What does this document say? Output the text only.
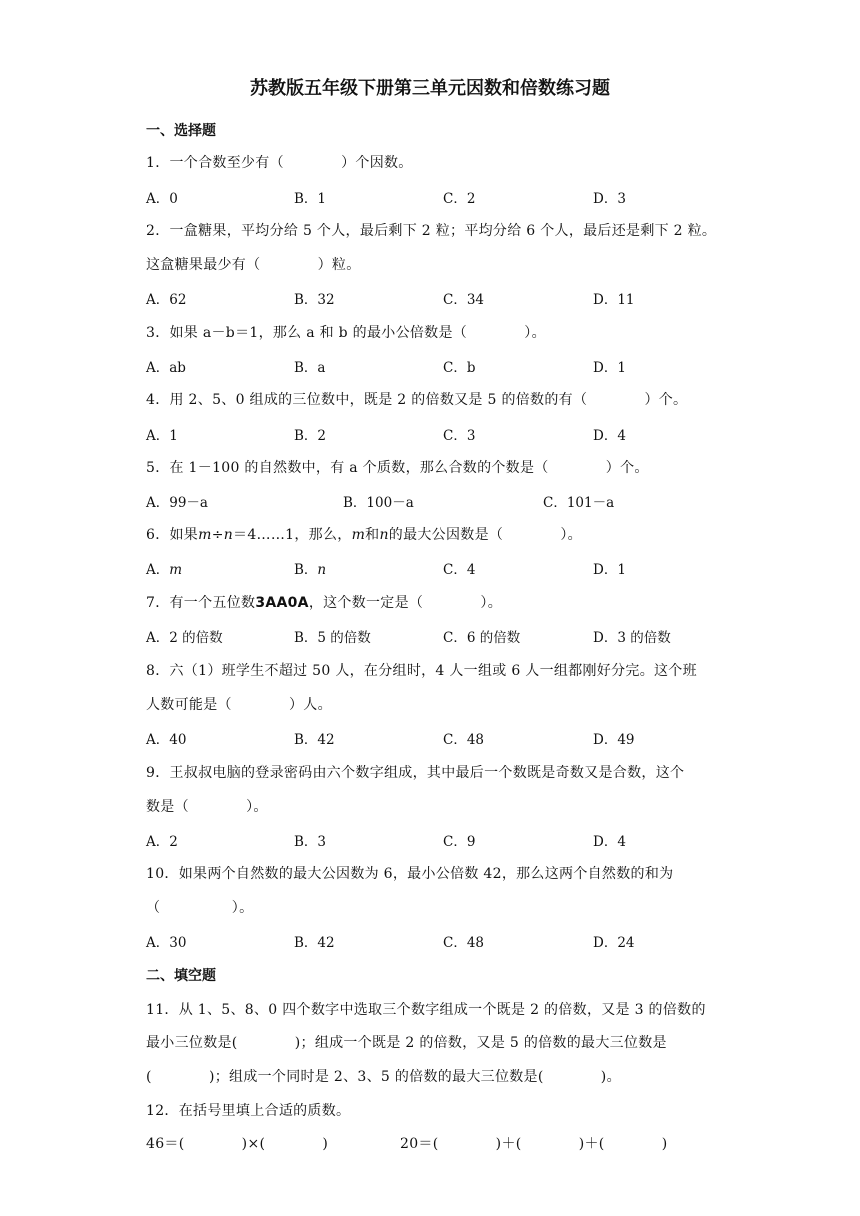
苏教版五年级下册第三单元因数和倍数练习题
一、选择题
1．一个合数至少有（　　　　）个因数。
A．0	B．1	C．2	D．3
2．一盒糖果，平均分给 5 个人，最后剩下 2 粒；平均分给 6 个人，最后还是剩下 2 粒。
这盒糖果最少有（　　　　）粒。
A．62	B．32	C．34	D．11
3．如果 a－b＝1，那么 a 和 b 的最小公倍数是（　　　　）。
A．ab	B．a	C．b	D．1
4．用 2、5、0 组成的三位数中，既是 2 的倍数又是 5 的倍数的有（　　　　）个。
A．1	B．2	C．3	D．4
5．在 1－100 的自然数中，有 a 个质数，那么合数的个数是（　　　　）个。
A．99－a	B．100－a	C．101－a
6．如果m÷n＝4……1，那么，m和n的最大公因数是（　　　　）。
A．m	B．n	C．4	D．1
7．有一个五位数3AA0A，这个数一定是（　　　　）。
A．2 的倍数	B．5 的倍数	C．6 的倍数	D．3 的倍数
8．六（1）班学生不超过 50 人，在分组时，4 人一组或 6 人一组都刚好分完。这个班
人数可能是（　　　　）人。
A．40	B．42	C．48	D．49
9．王叔叔电脑的登录密码由六个数字组成，其中最后一个数既是奇数又是合数，这个
数是（　　　　）。
A．2	B．3	C．9	D．4
10．如果两个自然数的最大公因数为 6，最小公倍数 42，那么这两个自然数的和为
（　　　　　）。
A．30	B．42	C．48	D．24
二、填空题
11．从 1、5、8、0 四个数字中选取三个数字组成一个既是 2 的倍数，又是 3 的倍数的
最小三位数是(　　　　)；组成一个既是 2 的倍数，又是 5 的倍数的最大三位数是
(　　　　)；组成一个同时是 2、3、5 的倍数的最大三位数是(　　　　)。
12．在括号里填上合适的质数。
46＝(　　　　)×(　　　　)	20＝(　　　　)＋(　　　　)＋(　　　　)
